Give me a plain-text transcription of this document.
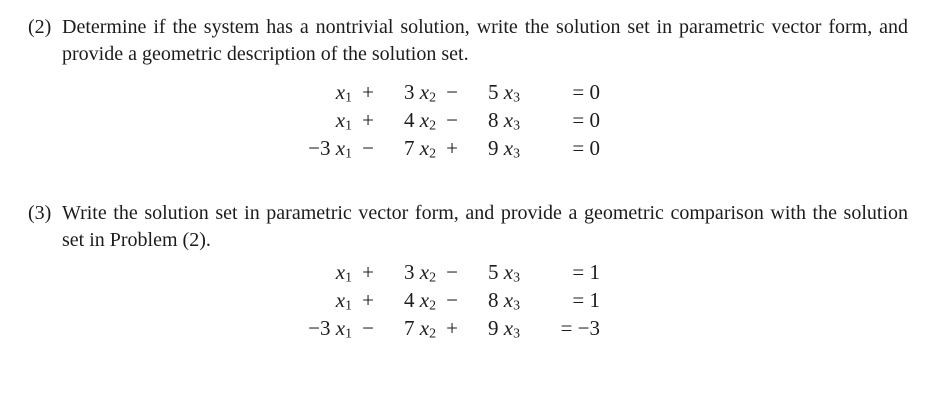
(2) Determine if the system has a nontrivial solution, write the solution set in parametric vector form, and provide a geometric description of the solution set.

$x_1$	+	3 $x_2$	−	5 $x_3$	= 0
$x_1$	+	4 $x_2$	−	8 $x_3$	= 0
−3 $x_1$	−	7 $x_2$	+	9 $x_3$	= 0
(3) Write the solution set in parametric vector form, and provide a geometric comparison with the solution set in Problem (2).

$x_1$	+	3 $x_2$	−	5 $x_3$	= 1
$x_1$	+	4 $x_2$	−	8 $x_3$	= 1
−3 $x_1$	−	7 $x_2$	+	9 $x_3$	= −3
